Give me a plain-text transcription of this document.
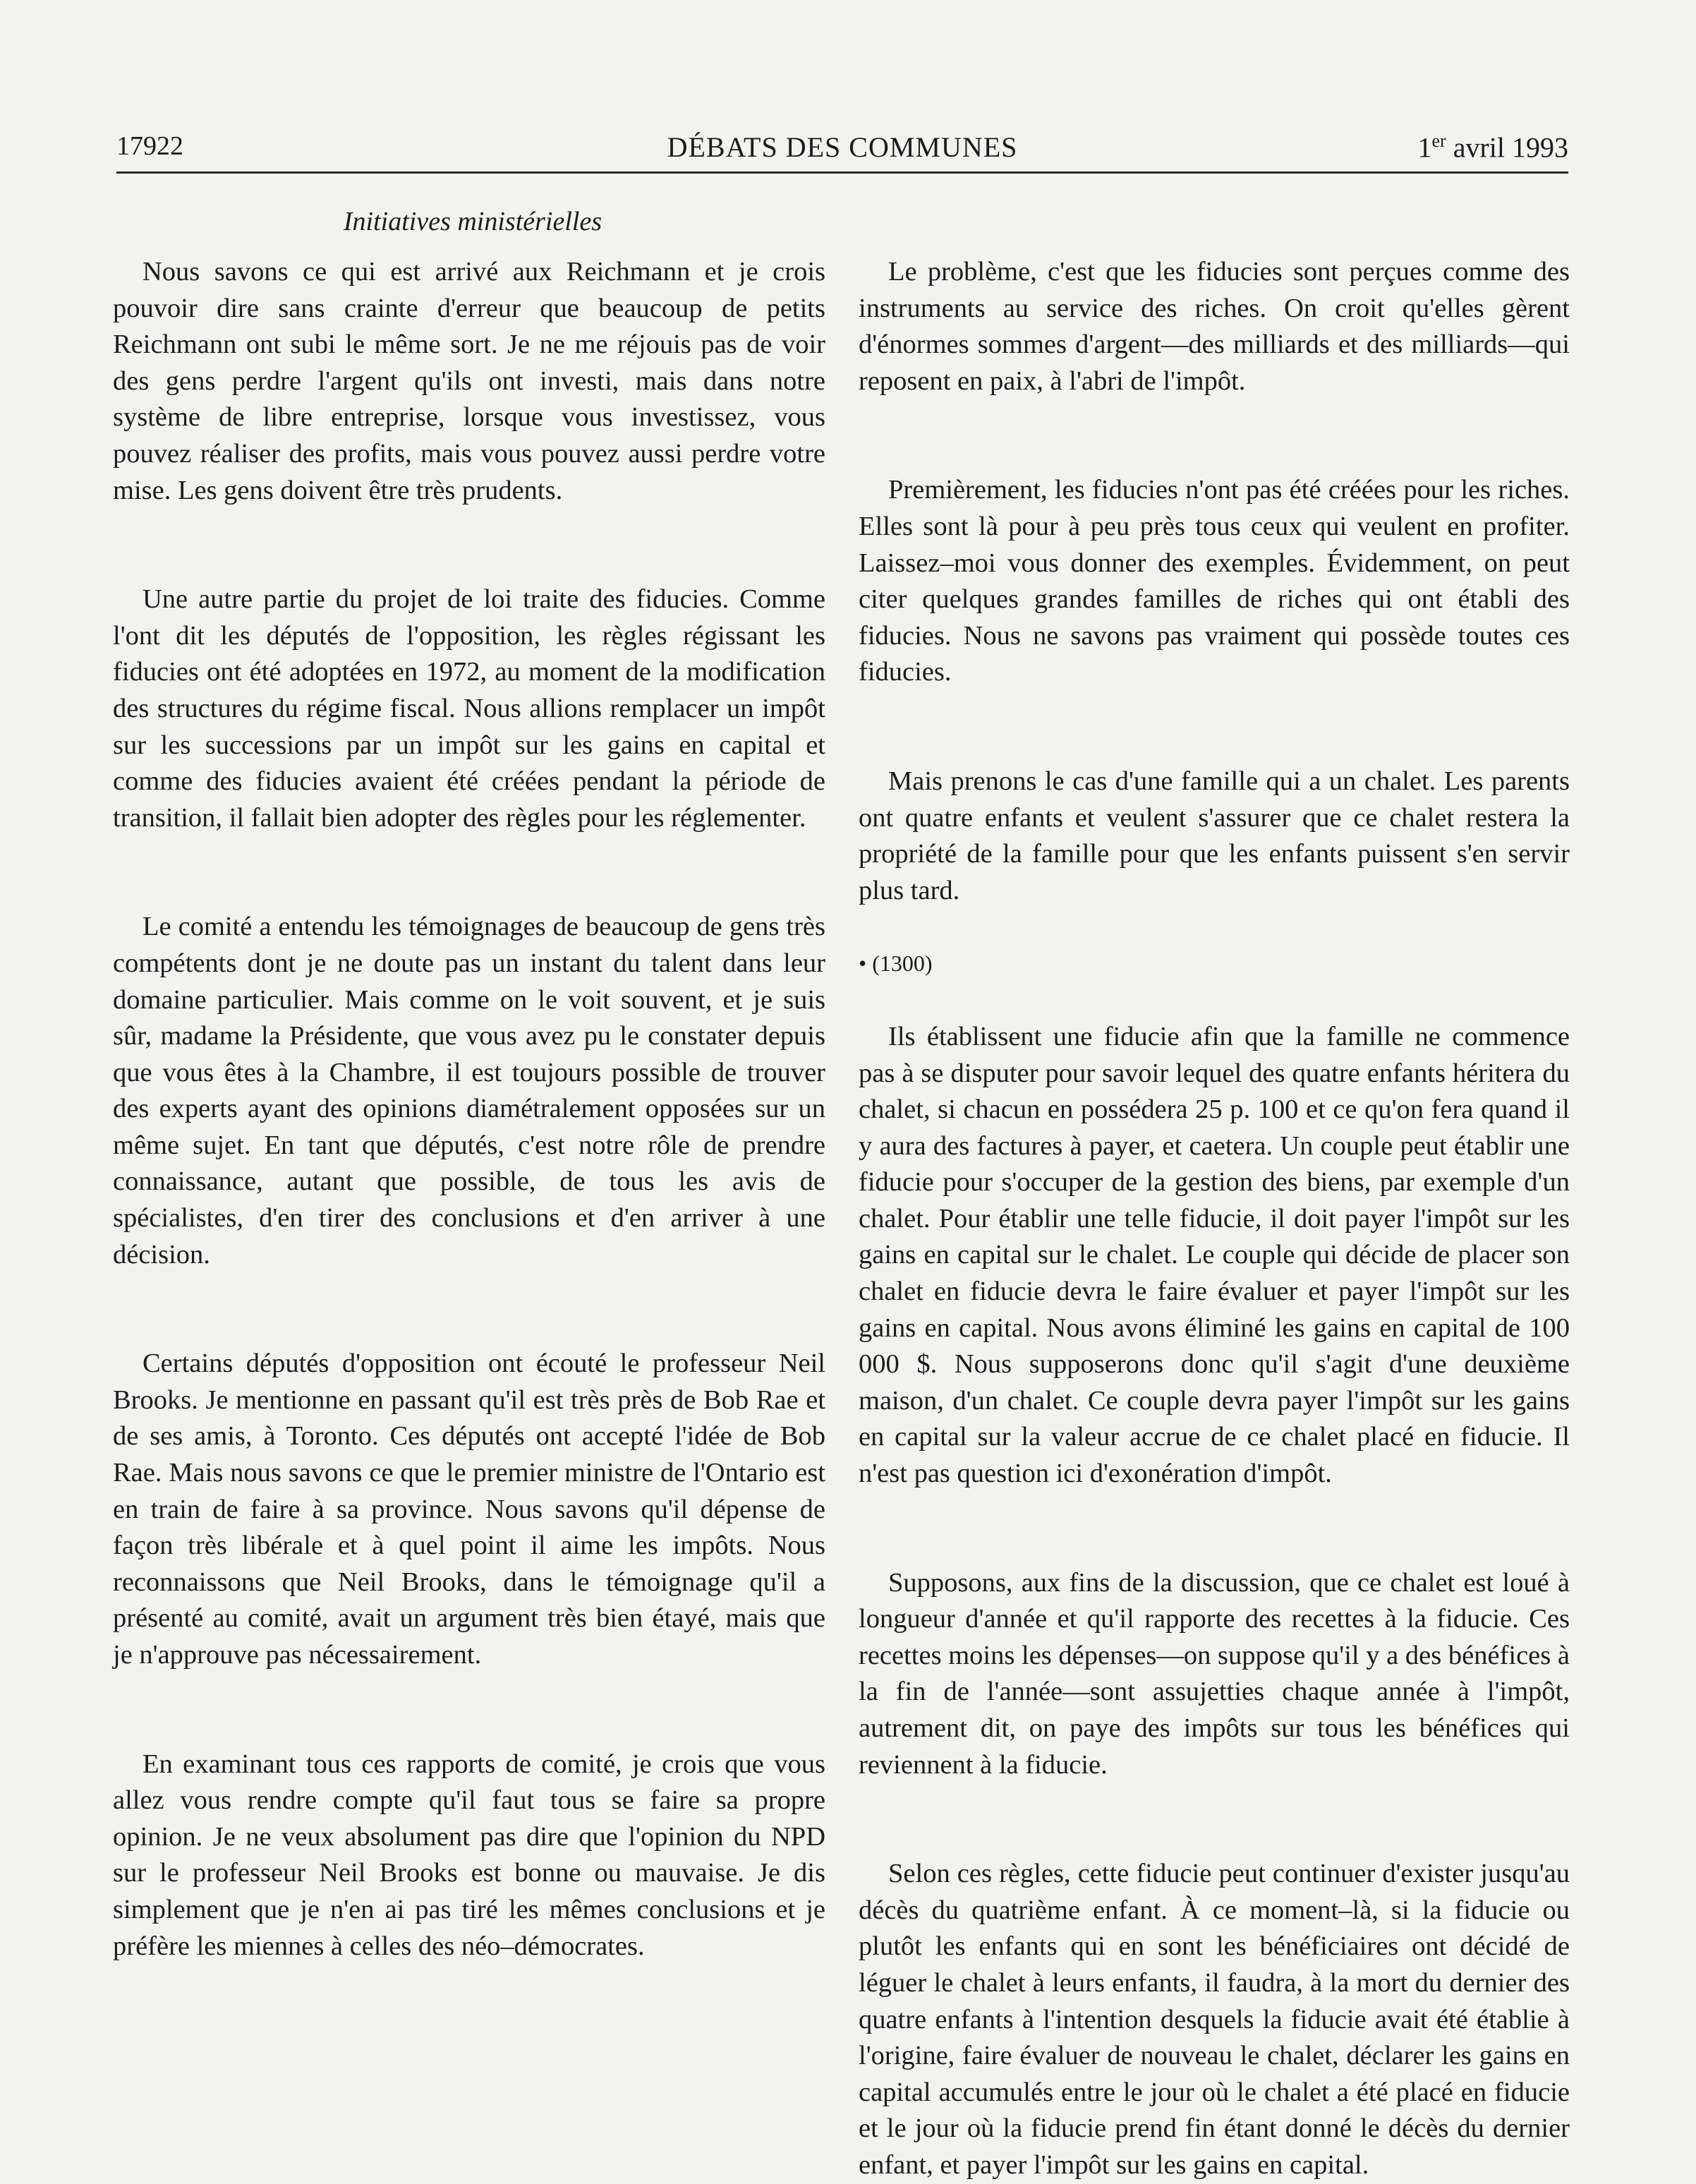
17922	DÉBATS DES COMMUNES	1er avril 1993
Initiatives ministérielles

Nous savons ce qui est arrivé aux Reichmann et je crois pouvoir dire sans crainte d'erreur que beaucoup de petits Reichmann ont subi le même sort. Je ne me réjouis pas de voir des gens perdre l'argent qu'ils ont investi, mais dans notre système de libre entreprise, lorsque vous investissez, vous pouvez réaliser des profits, mais vous pouvez aussi perdre votre mise. Les gens doivent être très prudents.

Une autre partie du projet de loi traite des fiducies. Comme l'ont dit les députés de l'opposition, les règles régissant les fiducies ont été adoptées en 1972, au moment de la modification des structures du régime fiscal. Nous allions remplacer un impôt sur les successions par un impôt sur les gains en capital et comme des fiducies avaient été créées pendant la période de transition, il fallait bien adopter des règles pour les réglementer.

Le comité a entendu les témoignages de beaucoup de gens très compétents dont je ne doute pas un instant du talent dans leur domaine particulier. Mais comme on le voit souvent, et je suis sûr, madame la Présidente, que vous avez pu le constater depuis que vous êtes à la Chambre, il est toujours possible de trouver des experts ayant des opinions diamétralement opposées sur un même sujet. En tant que députés, c'est notre rôle de prendre connaissance, autant que possible, de tous les avis de spécialistes, d'en tirer des conclusions et d'en arriver à une décision.

Certains députés d'opposition ont écouté le professeur Neil Brooks. Je mentionne en passant qu'il est très près de Bob Rae et de ses amis, à Toronto. Ces députés ont accepté l'idée de Bob Rae. Mais nous savons ce que le premier ministre de l'Ontario est en train de faire à sa province. Nous savons qu'il dépense de façon très libérale et à quel point il aime les impôts. Nous reconnaissons que Neil Brooks, dans le témoignage qu'il a présenté au comité, avait un argument très bien étayé, mais que je n'approuve pas nécessairement.

En examinant tous ces rapports de comité, je crois que vous allez vous rendre compte qu'il faut tous se faire sa propre opinion. Je ne veux absolument pas dire que l'opinion du NPD sur le professeur Neil Brooks est bonne ou mauvaise. Je dis simplement que je n'en ai pas tiré les mêmes conclusions et je préfère les miennes à celles des néo–démocrates.

Le problème, c'est que les fiducies sont perçues comme des instruments au service des riches. On croit qu'elles gèrent d'énormes sommes d'argent—des milliards et des milliards—qui reposent en paix, à l'abri de l'impôt.

Premièrement, les fiducies n'ont pas été créées pour les riches. Elles sont là pour à peu près tous ceux qui veulent en profiter. Laissez–moi vous donner des exemples. Évidemment, on peut citer quelques grandes familles de riches qui ont établi des fiducies. Nous ne savons pas vraiment qui possède toutes ces fiducies.

Mais prenons le cas d'une famille qui a un chalet. Les parents ont quatre enfants et veulent s'assurer que ce chalet restera la propriété de la famille pour que les enfants puissent s'en servir plus tard.

• (1300)

Ils établissent une fiducie afin que la famille ne commence pas à se disputer pour savoir lequel des quatre enfants héritera du chalet, si chacun en possédera 25 p. 100 et ce qu'on fera quand il y aura des factures à payer, et caetera. Un couple peut établir une fiducie pour s'occuper de la gestion des biens, par exemple d'un chalet. Pour établir une telle fiducie, il doit payer l'impôt sur les gains en capital sur le chalet. Le couple qui décide de placer son chalet en fiducie devra le faire évaluer et payer l'impôt sur les gains en capital. Nous avons éliminé les gains en capital de 100 000 $. Nous supposerons donc qu'il s'agit d'une deuxième maison, d'un chalet. Ce couple devra payer l'impôt sur les gains en capital sur la valeur accrue de ce chalet placé en fiducie. Il n'est pas question ici d'exonération d'impôt.

Supposons, aux fins de la discussion, que ce chalet est loué à longueur d'année et qu'il rapporte des recettes à la fiducie. Ces recettes moins les dépenses—on suppose qu'il y a des bénéfices à la fin de l'année—sont assujetties chaque année à l'impôt, autrement dit, on paye des impôts sur tous les bénéfices qui reviennent à la fiducie.

Selon ces règles, cette fiducie peut continuer d'exister jusqu'au décès du quatrième enfant. À ce moment–là, si la fiducie ou plutôt les enfants qui en sont les bénéficiaires ont décidé de léguer le chalet à leurs enfants, il faudra, à la mort du dernier des quatre enfants à l'intention desquels la fiducie avait été établie à l'origine, faire évaluer de nouveau le chalet, déclarer les gains en capital accumulés entre le jour où le chalet a été placé en fiducie et le jour où la fiducie prend fin étant donné le décès du dernier enfant, et payer l'impôt sur les gains en capital.
